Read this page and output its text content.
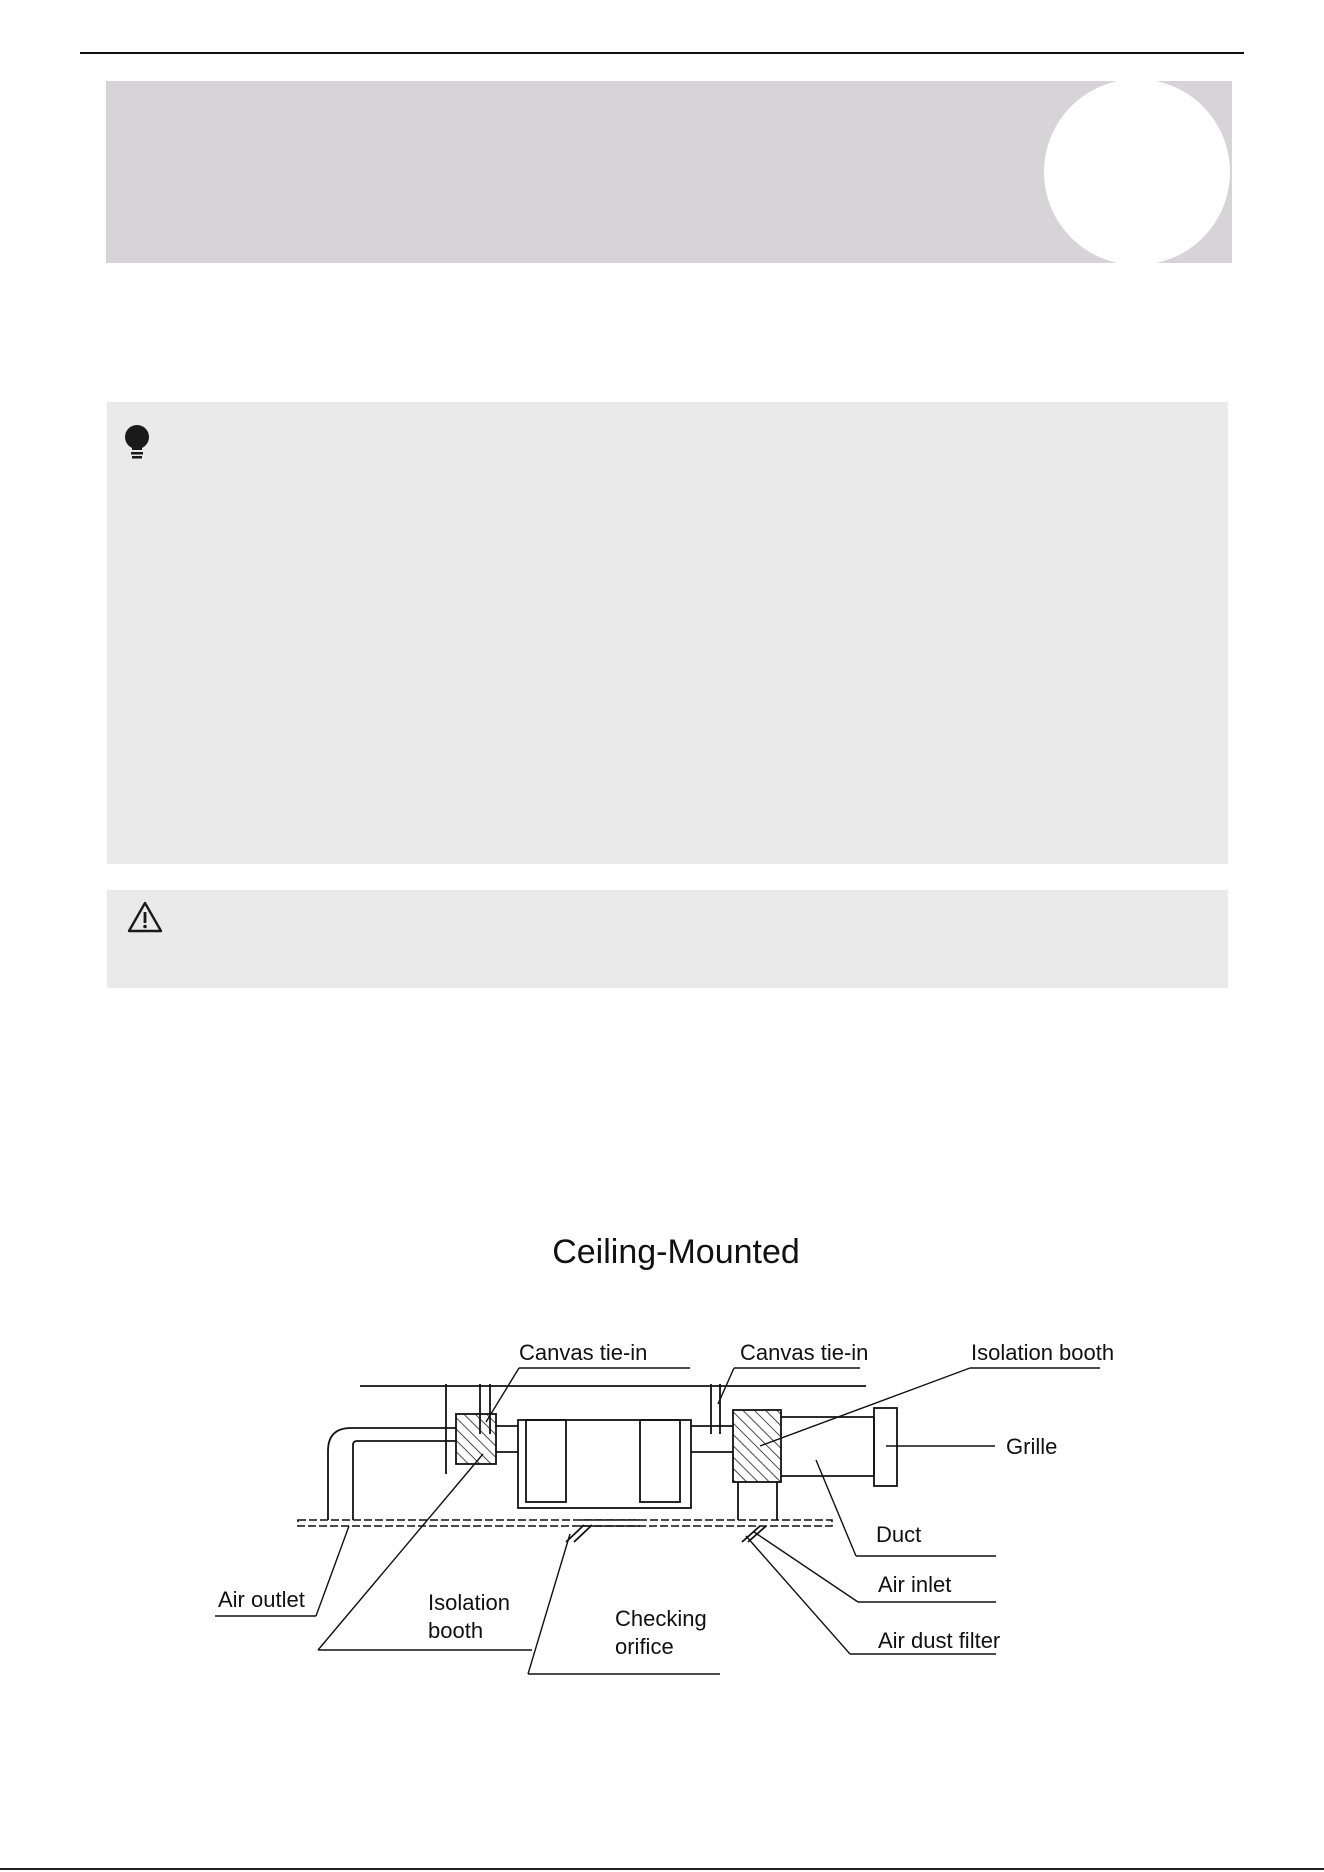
Ceiling-Mounted
Canvas tie-in	Canvas tie-in	Isolation booth
Grille
Duct
Air inlet
Air dust filter
Air outlet	Isolation
booth	Checking
orifice
